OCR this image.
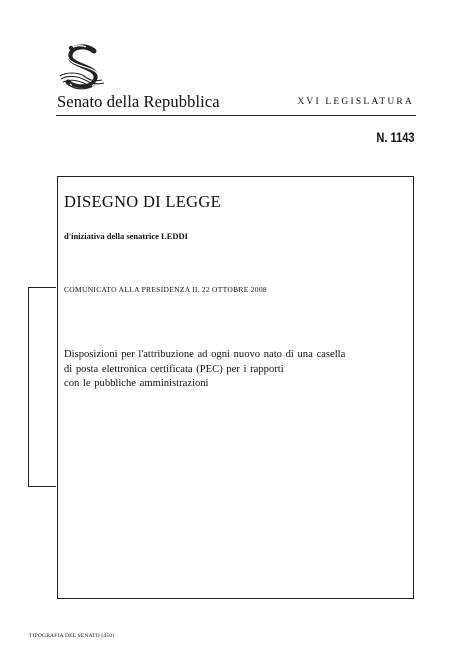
Senato della Repubblica	XVI LEGISLATURA
N. 1143
DISEGNO DI LEGGE
d'iniziativa della senatrice LEDDI
COMUNICATO ALLA PRESIDENZA IL 22 OTTOBRE 2008
Disposizioni per l'attribuzione ad ogni nuovo nato di una casella
di posta elettronica certificata (PEC) per i rapporti
con le pubbliche amministrazioni
TIPOGRAFIA DEL SENATO (450)
